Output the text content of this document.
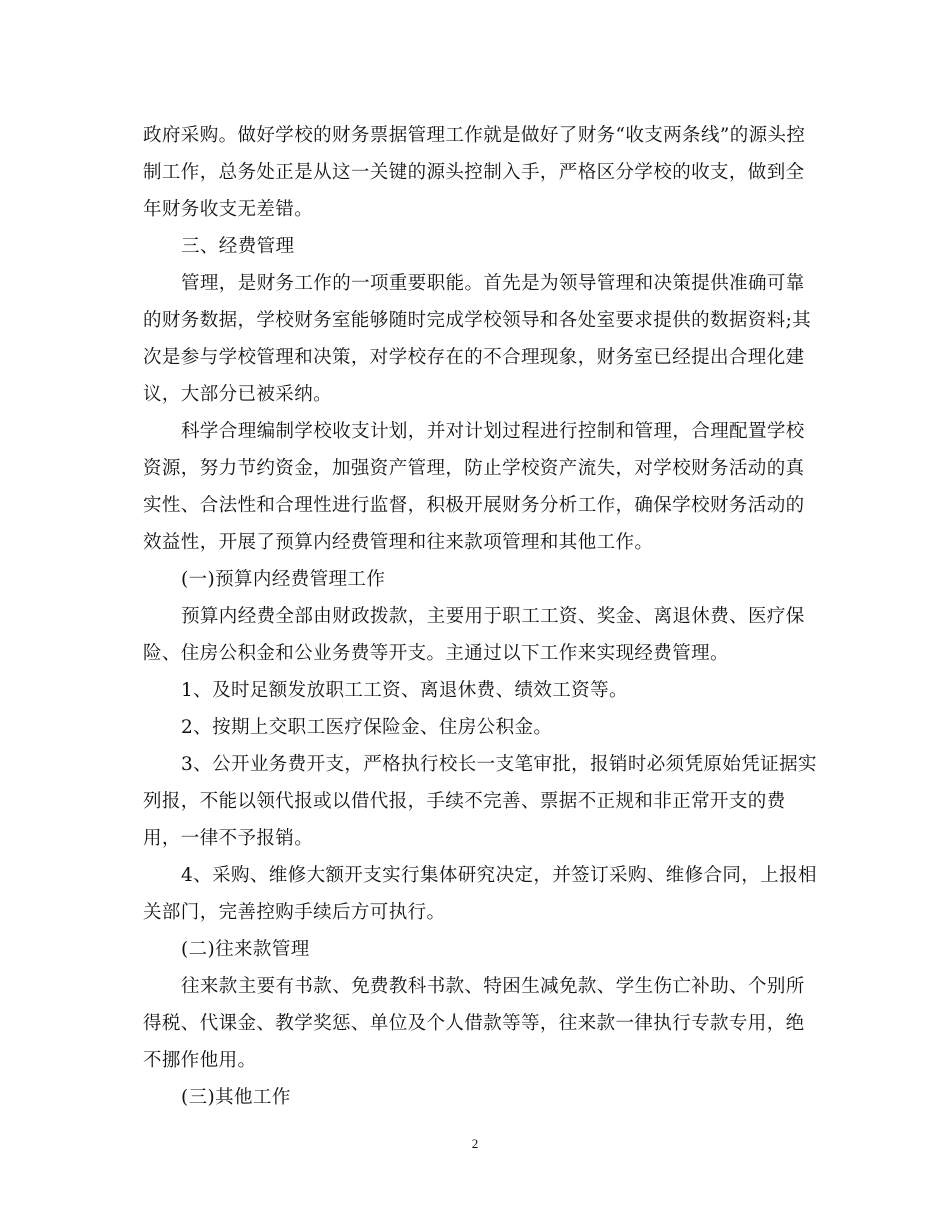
政府采购。做好学校的财务票据管理工作就是做好了财务“收支两条线”的源头控
制工作，总务处正是从这一关键的源头控制入手，严格区分学校的收支，做到全
年财务收支无差错。
三、经费管理
管理，是财务工作的一项重要职能。首先是为领导管理和决策提供准确可靠
的财务数据，学校财务室能够随时完成学校领导和各处室要求提供的数据资料;其
次是参与学校管理和决策，对学校存在的不合理现象，财务室已经提出合理化建
议，大部分已被采纳。
科学合理编制学校收支计划，并对计划过程进行控制和管理，合理配置学校
资源，努力节约资金，加强资产管理，防止学校资产流失，对学校财务活动的真
实性、合法性和合理性进行监督，积极开展财务分析工作，确保学校财务活动的
效益性，开展了预算内经费管理和往来款项管理和其他工作。
(一)预算内经费管理工作
预算内经费全部由财政拨款，主要用于职工工资、奖金、离退休费、医疗保
险、住房公积金和公业务费等开支。主通过以下工作来实现经费管理。
1、及时足额发放职工工资、离退休费、绩效工资等。
2、按期上交职工医疗保险金、住房公积金。
3、公开业务费开支，严格执行校长一支笔审批，报销时必须凭原始凭证据实
列报，不能以领代报或以借代报，手续不完善、票据不正规和非正常开支的费
用，一律不予报销。
4、采购、维修大额开支实行集体研究决定，并签订采购、维修合同，上报相
关部门，完善控购手续后方可执行。
(二)往来款管理
往来款主要有书款、免费教科书款、特困生减免款、学生伤亡补助、个别所
得税、代课金、教学奖惩、单位及个人借款等等，往来款一律执行专款专用，绝
不挪作他用。
(三)其他工作
2
